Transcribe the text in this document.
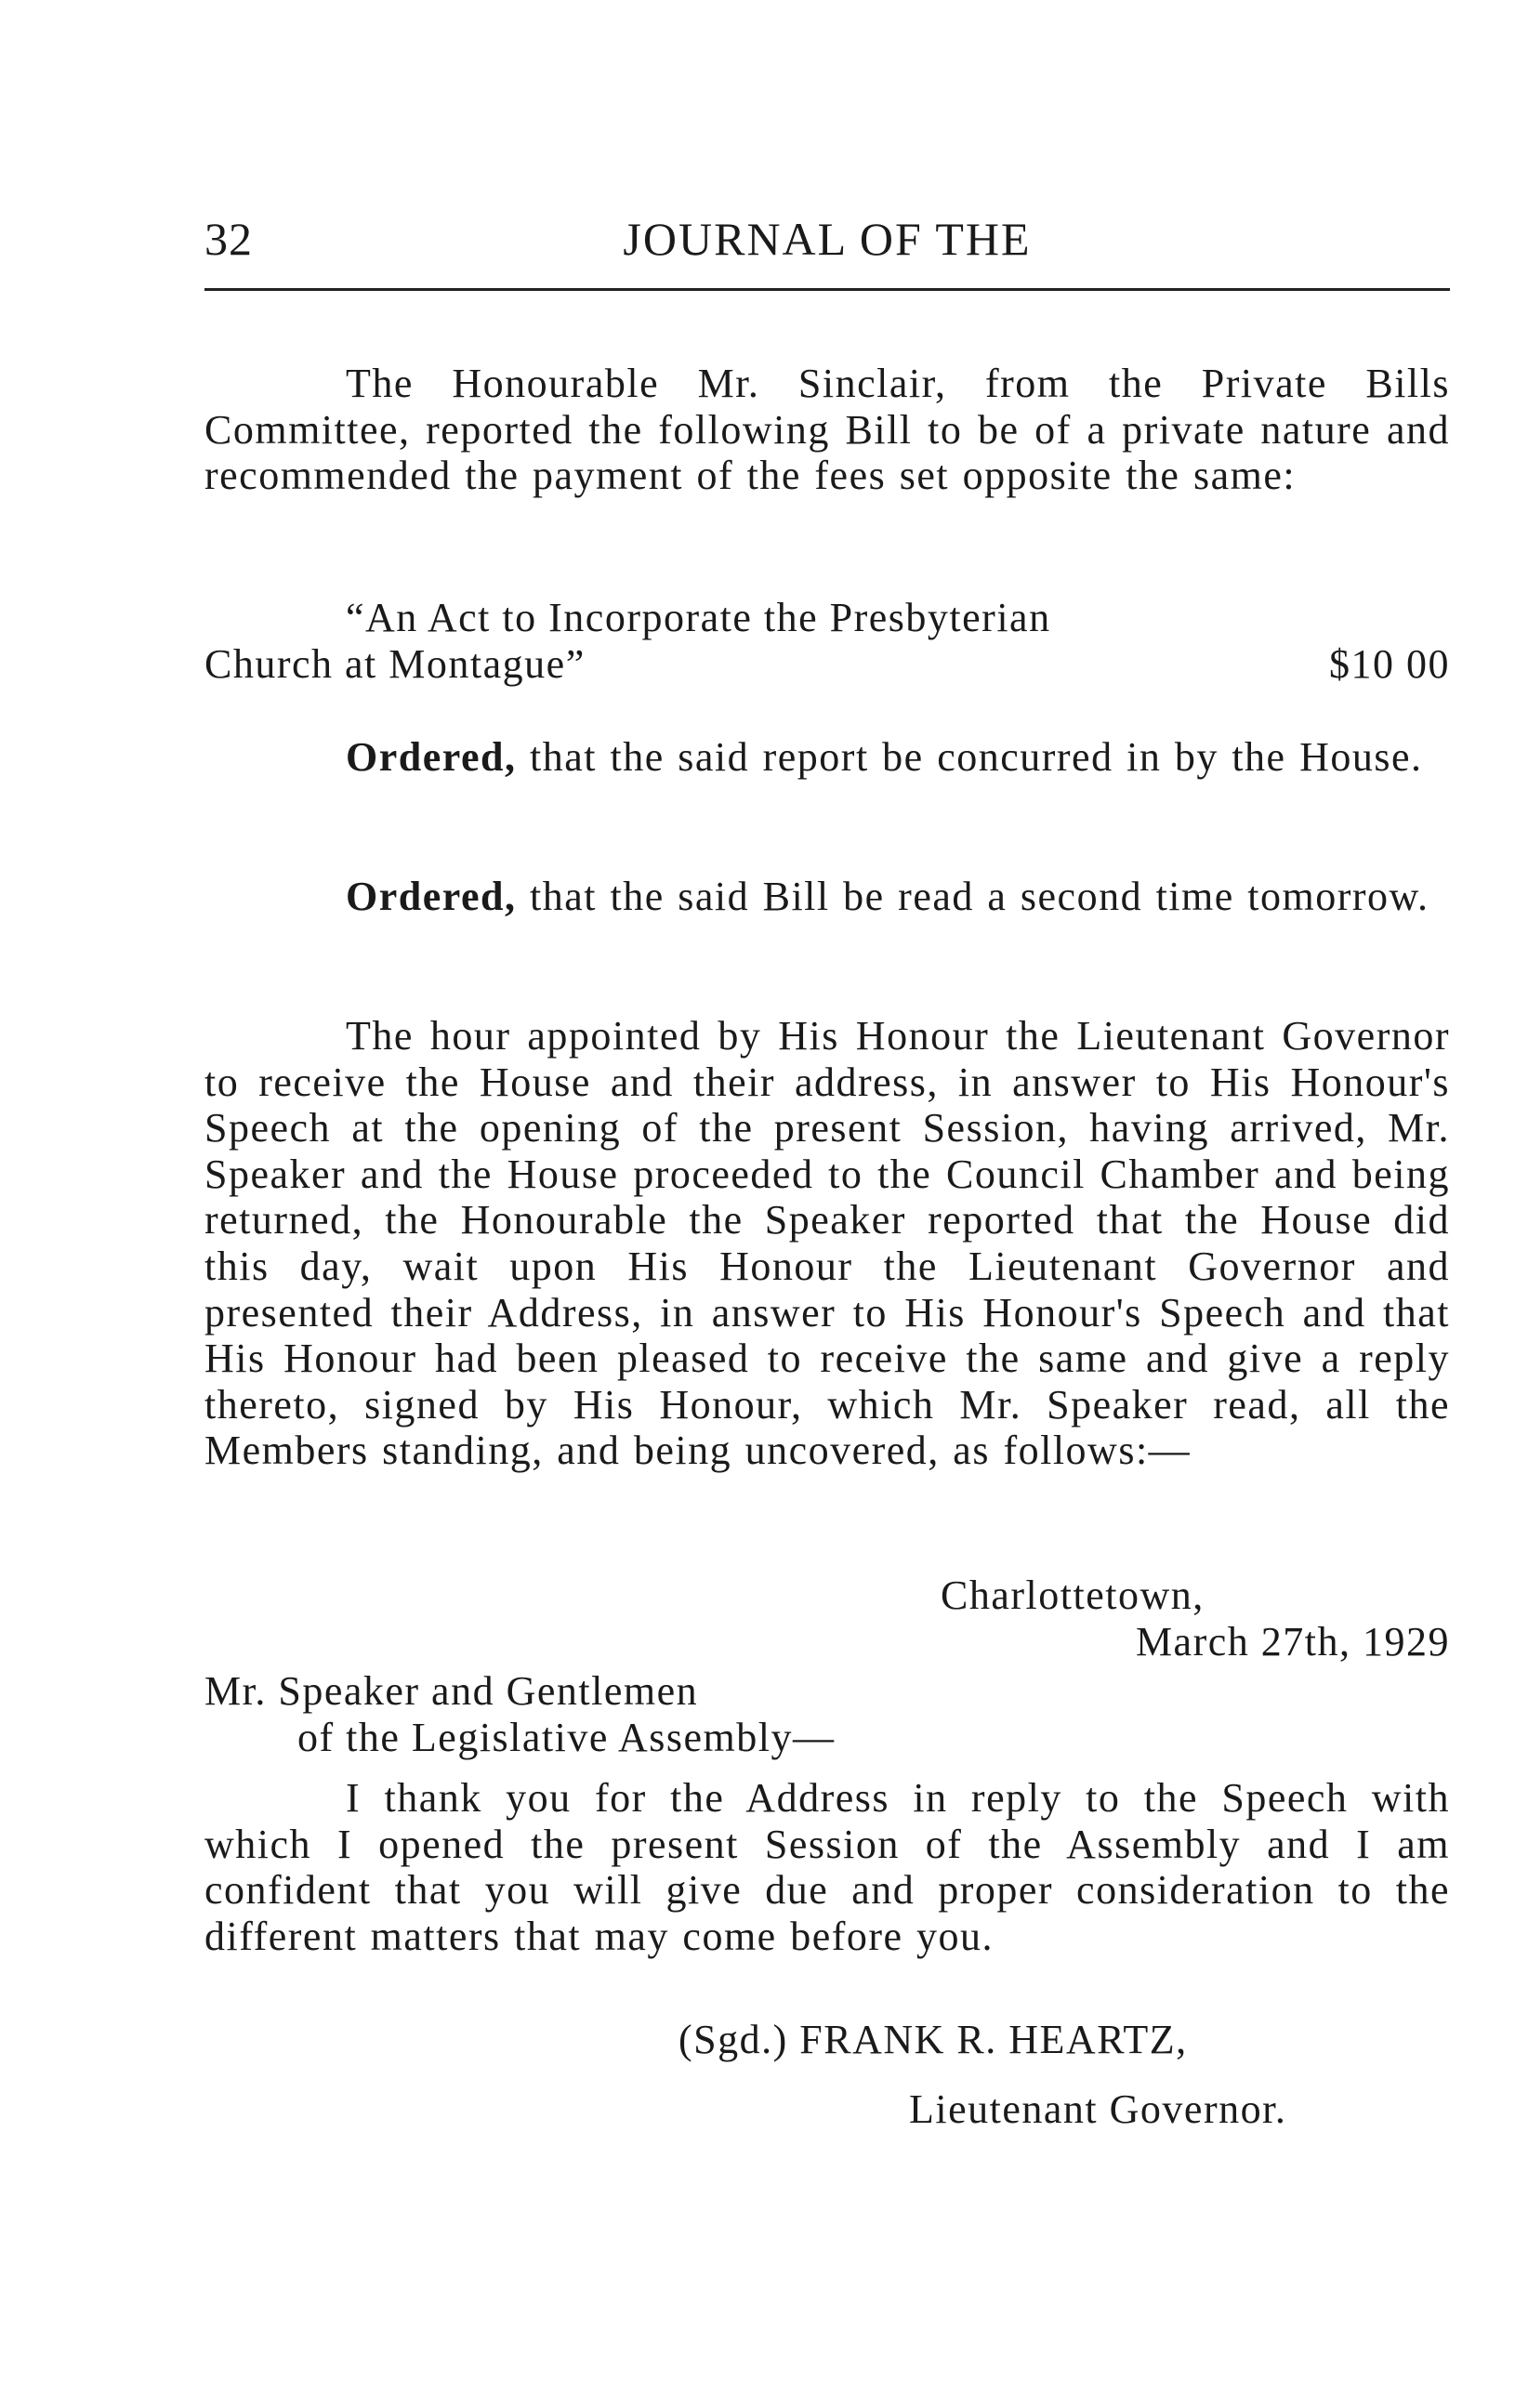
32	JOURNAL OF THE

The Honourable Mr. Sinclair, from the Private Bills Committee, reported the following Bill to be of a private nature and recommended the payment of the fees set opposite the same:

“An Act to Incorporate the Presbyterian
Church at Montague”	$10 00

Ordered, that the said report be concurred in by the House.

Ordered, that the said Bill be read a second time tomorrow.

The hour appointed by His Honour the Lieutenant Governor to receive the House and their address, in answer to His Honour's Speech at the opening of the present Session, having arrived, Mr. Speaker and the House proceeded to the Council Chamber and being returned, the Honourable the Speaker reported that the House did this day, wait upon His Honour the Lieutenant Governor and presented their Address, in answer to His Honour's Speech and that His Honour had been pleased to receive the same and give a reply thereto, signed by His Honour, which Mr. Speaker read, all the Members standing, and being uncovered, as follows:—

Charlottetown,
March 27th, 1929
Mr. Speaker and Gentlemen
of the Legislative Assembly—

I thank you for the Address in reply to the Speech with which I opened the present Session of the Assembly and I am confident that you will give due and proper consideration to the different matters that may come before you.

(Sgd.) FRANK R. HEARTZ,
Lieutenant Governor.
